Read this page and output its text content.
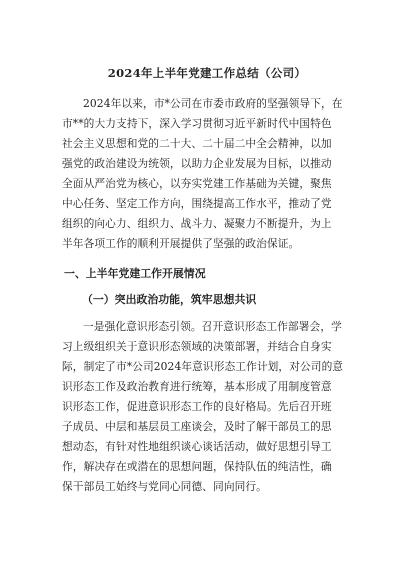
2024年上半年党建工作总结（公司）
2024年以来，市*公司在市委市政府的坚强领导下，在
市**的大力支持下，深入学习贯彻习近平新时代中国特色
社会主义思想和党的二十大、二十届二中全会精神，以加
强党的政治建设为统领，以助力企业发展为目标，以推动
全面从严治党为核心，以夯实党建工作基础为关键，聚焦
中心任务、坚定工作方向，围绕提高工作水平，推动了党
组织的向心力、组织力、战斗力、凝聚力不断提升，为上
半年各项工作的顺利开展提供了坚强的政治保证。
一、上半年党建工作开展情况
（一）突出政治功能，筑牢思想共识
一是强化意识形态引领。召开意识形态工作部署会，学
习上级组织关于意识形态领域的决策部署，并结合自身实
际，制定了市*公司2024年意识形态工作计划，对公司的意
识形态工作及政治教育进行统筹，基本形成了用制度管意
识形态工作，促进意识形态工作的良好格局。先后召开班
子成员、中层和基层员工座谈会，及时了解干部员工的思
想动态，有针对性地组织谈心谈话活动，做好思想引导工
作，解决存在或潜在的思想问题，保持队伍的纯洁性，确
保干部员工始终与党同心同德、同向同行。
